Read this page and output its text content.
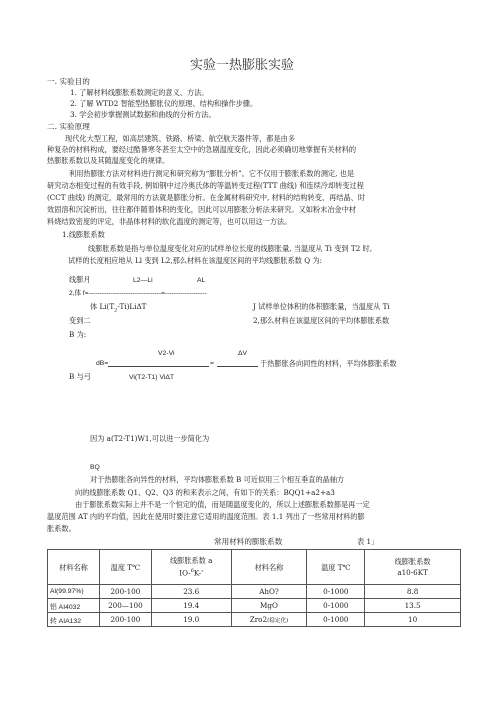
实验一热膨胀实验
一. 实验目的
1. 了解材料线膨胀系数测定的意义、方法。
2. 了解 WTD2 智能型热膨胀仪的原理、结构和操作步骤。
3. 学会初步掌握测试数据和曲线的分析方法。
二. 实验原理
现代化大型工程，如高层建筑、铁路、桥梁、航空航天器件等，都是由多
种复杂的材料构成，要经过酷暑寒冬甚至太空中的急剧温度变化，因此必须确切地掌握有关材料的
热膨胀系数以及其随温度变化的规律。
利用热膨胀方法对材料进行测定和研究称为“膨胀分析”。它不仅用于膨胀系数的测定, 也是
研究动态相变过程的有效手段, 例如钢中过冷奥氏体的等温转变过程(TTT 曲线) 和连续冷却转变过程
(CCT 曲线) 的测定，最常用的方法就是膨胀分析。在金属材料研究中, 材料的结构转变、再结晶、时
效固溶和沉淀析出，往往都伴随着体积的变化，因此可以用膨胀分析法来研究。又如粉末冶金中材
料烧结致密度的评定，非晶体材料的软化温度的测定等，也可以用这一方法。
1.线膨胀系数
线膨胀系数是指与单位温度变化对应的试样单位长度的线膨胀量, 当温度从 Ti 变到 T2 时,
试样的长度相应地从 Ll 变到 L2,那么材料在该温度区间的平均线膨胀系数 Q 为:
线膨月	L2—Li	AL
2,体 f=---------------------------------=-------------------
体 $Li(T_2-Ti)Li\Delta T$	J 试样单位体积的体积膨胀量，当温度从 Ti
变到二	2,那么材料在该温度区间的平均体膨胀系数
B 为:
V2-Vi	ΔV
dB=	=	于热膨胀各向同性的材料，平均体膨胀系数
B 与弓	Vi(T2-T1) ViΔT
因为 a(T2-T1)W1,可以进一步简化为
BQ
对于热膨胀各向异性的材料，平均体膨胀系数 B 可近似用三个相互垂直的晶轴方
向的线膨胀系数 Q1、Q2、Q3 的和来表示之间，有如下的关系：BQQ1+a2+a3
由于膨胀系数实际上并不是一个恒定的值，而是随温度变化的，所以上述膨胀系数都是再一定
温度范围 AT 内的平均值，因此在使用时要注意它适用的温度范围。表 1.1 列出了一些常用材料的膨
胀系数。
常用材料的膨胀系数	表 1」
材料名称	温度 T℃	线膨胀系数 a
IO-$^6$K-'	材料名称	温度 T℃	线膨胀系数
a10-6KT
Al(99.97%)	200-100	23.6	AhO?	0-1000	8.8
铝 AI4032	200—100	19.4	MgO	0-1000	13.5
转 AIA132	200-100	19.0	Zro2(稳定化)	0-1000	10
